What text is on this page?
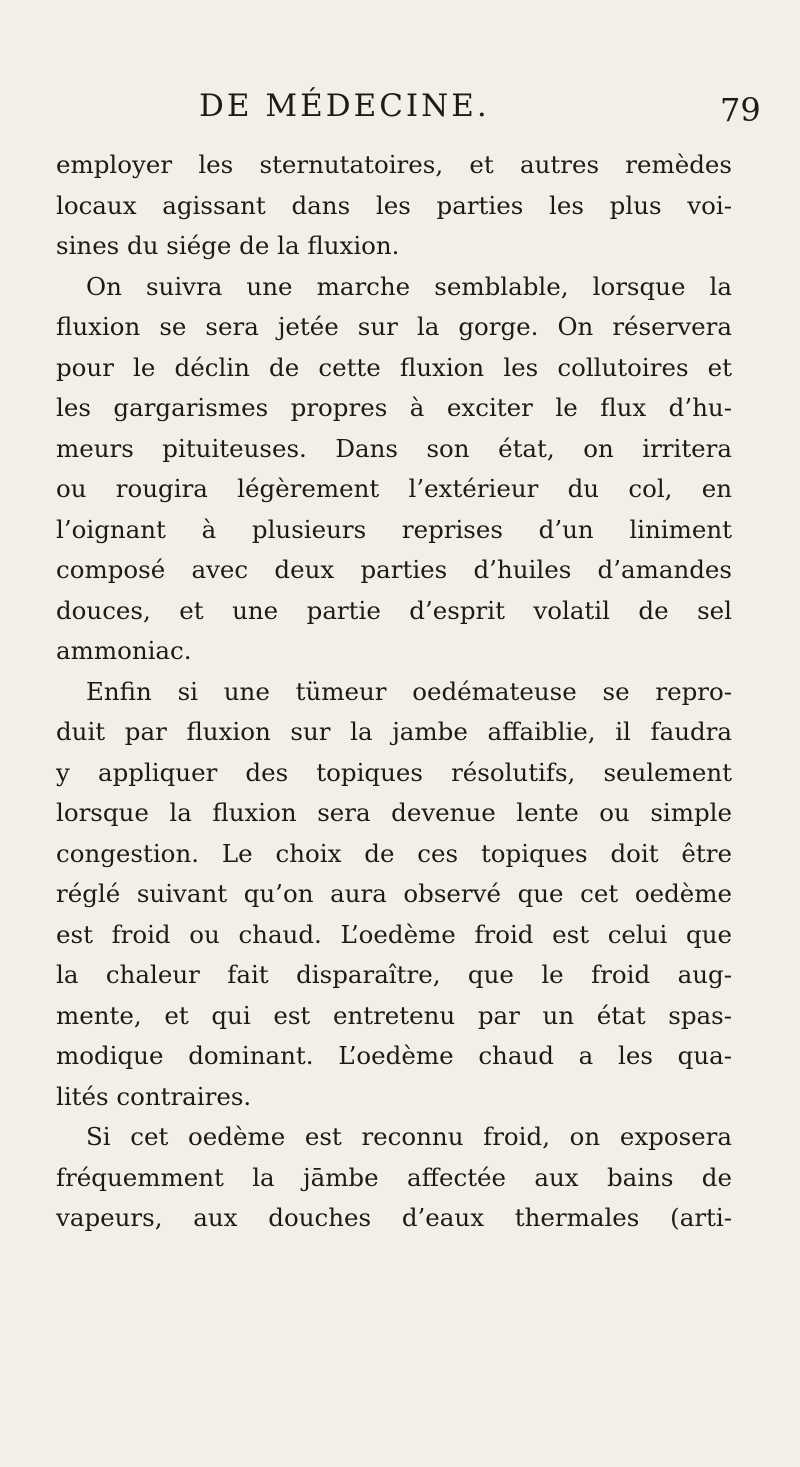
DE MÉDECINE.	79
employer les sternutatoires, et autres remèdes
locaux agissant dans les parties les plus voi-
sines du siége de la fluxion.
On suivra une marche semblable, lorsque la
fluxion se sera jetée sur la gorge. On réservera
pour le déclin de cette fluxion les collutoires et
les gargarismes propres à exciter le flux d’hu-
meurs pituiteuses. Dans son état, on irritera
ou rougira légèrement l’extérieur du col, en
l’oignant à plusieurs reprises d’un liniment
composé avec deux parties d’huiles d’amandes
douces, et une partie d’esprit volatil de sel
ammoniac.
Enfin si une tümeur oedémateuse se repro-
duit par fluxion sur la jambe affaiblie, il faudra
y appliquer des topiques résolutifs, seulement
lorsque la fluxion sera devenue lente ou simple
congestion. Le choix de ces topiques doit être
réglé suivant qu’on aura observé que cet oedème
est froid ou chaud. L’oedème froid est celui que
la chaleur fait disparaître, que le froid aug-
mente, et qui est entretenu par un état spas-
modique dominant. L’oedème chaud a les qua-
lités contraires.
Si cet oedème est reconnu froid, on exposera
fréquemment la jāmbe affectée aux bains de
vapeurs, aux douches d’eaux thermales (arti-
